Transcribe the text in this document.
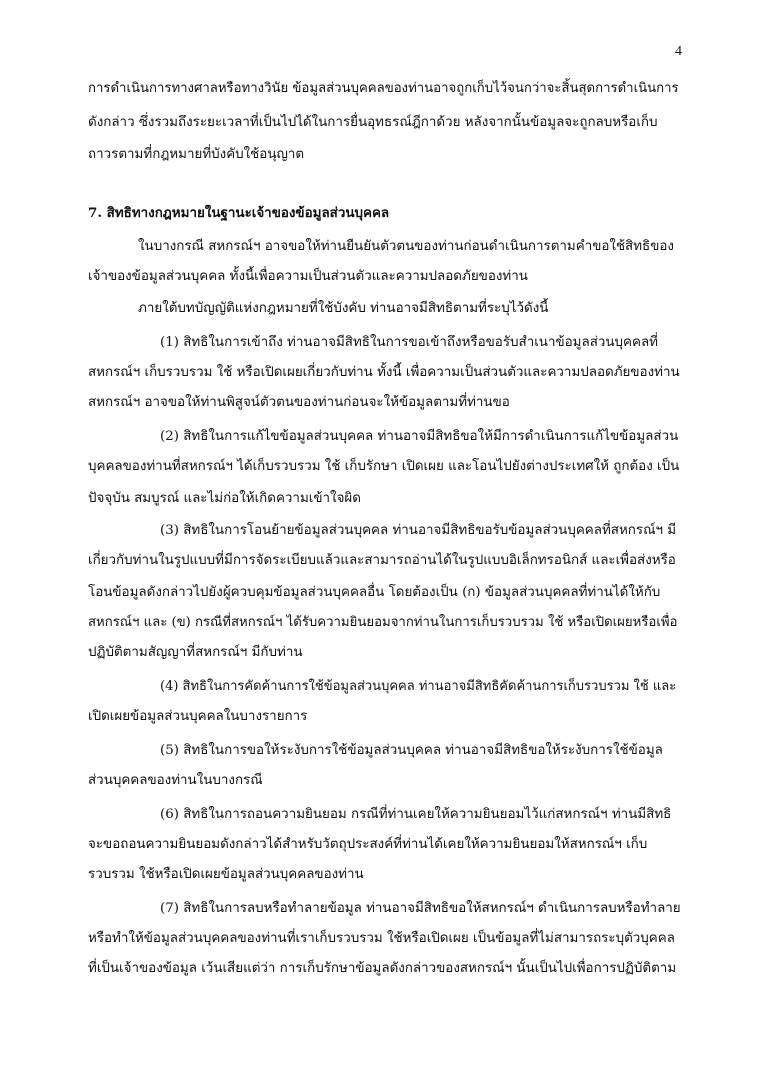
4
การดำเนินการทางศาลหรือทางวินัย ข้อมูลส่วนบุคคลของท่านอาจถูกเก็บไว้จนกว่าจะสิ้นสุดการดำเนินการ
ดังกล่าว ซึ่งรวมถึงระยะเวลาที่เป็นไปได้ในการยื่นอุทธรณ์ฎีกาด้วย หลังจากนั้นข้อมูลจะถูกลบหรือเก็บ
ถาวรตามที่กฎหมายที่บังคับใช้อนุญาต
7. สิทธิทางกฎหมายในฐานะเจ้าของข้อมูลส่วนบุคคล
ในบางกรณี สหกรณ์ฯ อาจขอให้ท่านยืนยันตัวตนของท่านก่อนดำเนินการตามคำขอใช้สิทธิของ
เจ้าของข้อมูลส่วนบุคคล ทั้งนี้เพื่อความเป็นส่วนตัวและความปลอดภัยของท่าน
ภายใต้บทบัญญัติแห่งกฎหมายที่ใช้บังคับ ท่านอาจมีสิทธิตามที่ระบุไว้ดังนี้
(1) สิทธิในการเข้าถึง ท่านอาจมีสิทธิในการขอเข้าถึงหรือขอรับสำเนาข้อมูลส่วนบุคคลที่
สหกรณ์ฯ เก็บรวบรวม ใช้ หรือเปิดเผยเกี่ยวกับท่าน ทั้งนี้ เพื่อความเป็นส่วนตัวและความปลอดภัยของท่าน
สหกรณ์ฯ อาจขอให้ท่านพิสูจน์ตัวตนของท่านก่อนจะให้ข้อมูลตามที่ท่านขอ
(2) สิทธิในการแก้ไขข้อมูลส่วนบุคคล ท่านอาจมีสิทธิขอให้มีการดำเนินการแก้ไขข้อมูลส่วน
บุคคลของท่านที่สหกรณ์ฯ ได้เก็บรวบรวม ใช้ เก็บรักษา เปิดเผย และโอนไปยังต่างประเทศให้ ถูกต้อง เป็น
ปัจจุบัน สมบูรณ์ และไม่ก่อให้เกิดความเข้าใจผิด
(3) สิทธิในการโอนย้ายข้อมูลส่วนบุคคล ท่านอาจมีสิทธิขอรับข้อมูลส่วนบุคคลที่สหกรณ์ฯ มี
เกี่ยวกับท่านในรูปแบบที่มีการจัดระเบียบแล้วและสามารถอ่านได้ในรูปแบบอิเล็กทรอนิกส์ และเพื่อส่งหรือ
โอนข้อมูลดังกล่าวไปยังผู้ควบคุมข้อมูลส่วนบุคคลอื่น โดยต้องเป็น (ก) ข้อมูลส่วนบุคคลที่ท่านได้ให้กับ
สหกรณ์ฯ และ (ข) กรณีที่สหกรณ์ฯ ได้รับความยินยอมจากท่านในการเก็บรวบรวม ใช้ หรือเปิดเผยหรือเพื่อ
ปฏิบัติตามสัญญาที่สหกรณ์ฯ มีกับท่าน
(4) สิทธิในการคัดค้านการใช้ข้อมูลส่วนบุคคล ท่านอาจมีสิทธิคัดค้านการเก็บรวบรวม ใช้ และ
เปิดเผยข้อมูลส่วนบุคคลในบางรายการ
(5) สิทธิในการขอให้ระงับการใช้ข้อมูลส่วนบุคคล ท่านอาจมีสิทธิขอให้ระงับการใช้ข้อมูล
ส่วนบุคคลของท่านในบางกรณี
(6) สิทธิในการถอนความยินยอม กรณีที่ท่านเคยให้ความยินยอมไว้แก่สหกรณ์ฯ ท่านมีสิทธิ
จะขอถอนความยินยอมดังกล่าวได้สำหรับวัตถุประสงค์ที่ท่านได้เคยให้ความยินยอมให้สหกรณ์ฯ เก็บ
รวบรวม ใช้หรือเปิดเผยข้อมูลส่วนบุคคลของท่าน
(7) สิทธิในการลบหรือทำลายข้อมูล ท่านอาจมีสิทธิขอให้สหกรณ์ฯ ดำเนินการลบหรือทำลาย
หรือทำให้ข้อมูลส่วนบุคคลของท่านที่เราเก็บรวบรวม ใช้หรือเปิดเผย เป็นข้อมูลที่ไม่สามารถระบุตัวบุคคล
ที่เป็นเจ้าของข้อมูล เว้นเสียแต่ว่า การเก็บรักษาข้อมูลดังกล่าวของสหกรณ์ฯ นั้นเป็นไปเพื่อการปฏิบัติตาม
